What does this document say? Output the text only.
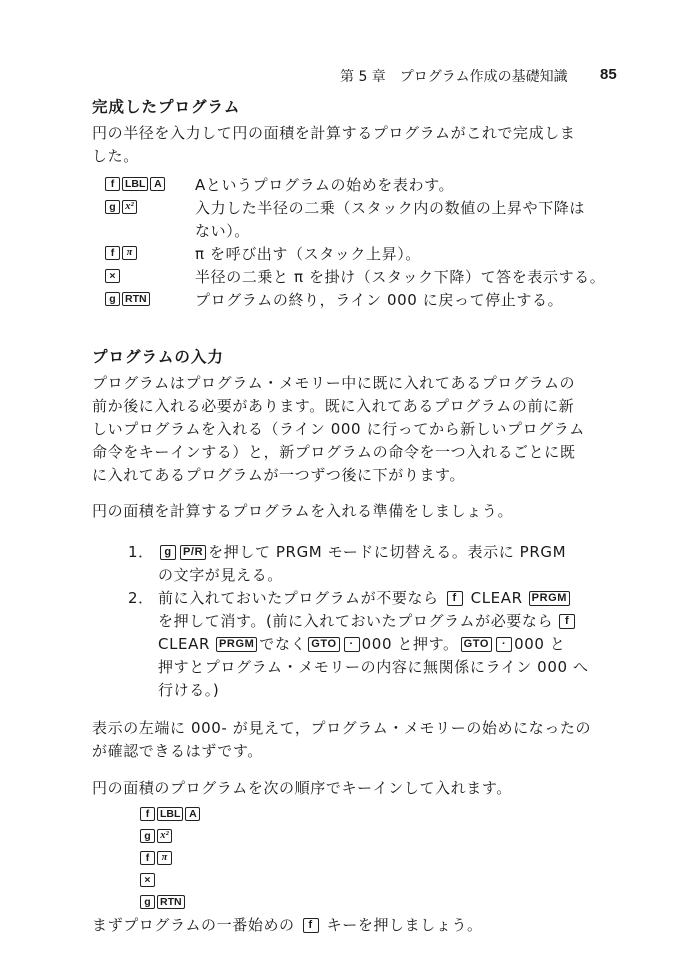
第 5 章　プログラム作成の基礎知識 85
完成したプログラム
円の半径を入力して円の面積を計算するプログラムがこれで完成しま
した。
f LBL A	Aというプログラムの始めを表わす。
g x²	入力した半径の二乗（スタック内の数値の上昇や下降は
ない）。
f π	π を呼び出す（スタック上昇）。
×	半径の二乗と π を掛け（スタック下降）て答を表示する。
g RTN	プログラムの終り，ライン 000 に戻って停止する。
プログラムの入力
プログラムはプログラム・メモリー中に既に入れてあるプログラムの
前か後に入れる必要があります。既に入れてあるプログラムの前に新
しいプログラムを入れる（ライン 000 に行ってから新しいプログラム
命令をキーインする）と，新プログラムの命令を一つ入れるごとに既
に入れてあるプログラムが一つずつ後に下がります。
円の面積を計算するプログラムを入れる準備をしましょう。
1． g P/R を押して PRGM モードに切替える。表示に PRGM
の文字が見える。
2． 前に入れておいたプログラムが不要なら f CLEAR PRGM
を押して消す。(前に入れておいたプログラムが必要なら f
CLEAR PRGM でなく GTO · 000 と押す。 GTO · 000 と
押すとプログラム・メモリーの内容に無関係にライン 000 へ
行ける。)
表示の左端に 000- が見えて，プログラム・メモリーの始めになったの
が確認できるはずです。
円の面積のプログラムを次の順序でキーインして入れます。
f LBL A
g x²
f π
×
g RTN
まずプログラムの一番始めの f キーを押しましょう。
